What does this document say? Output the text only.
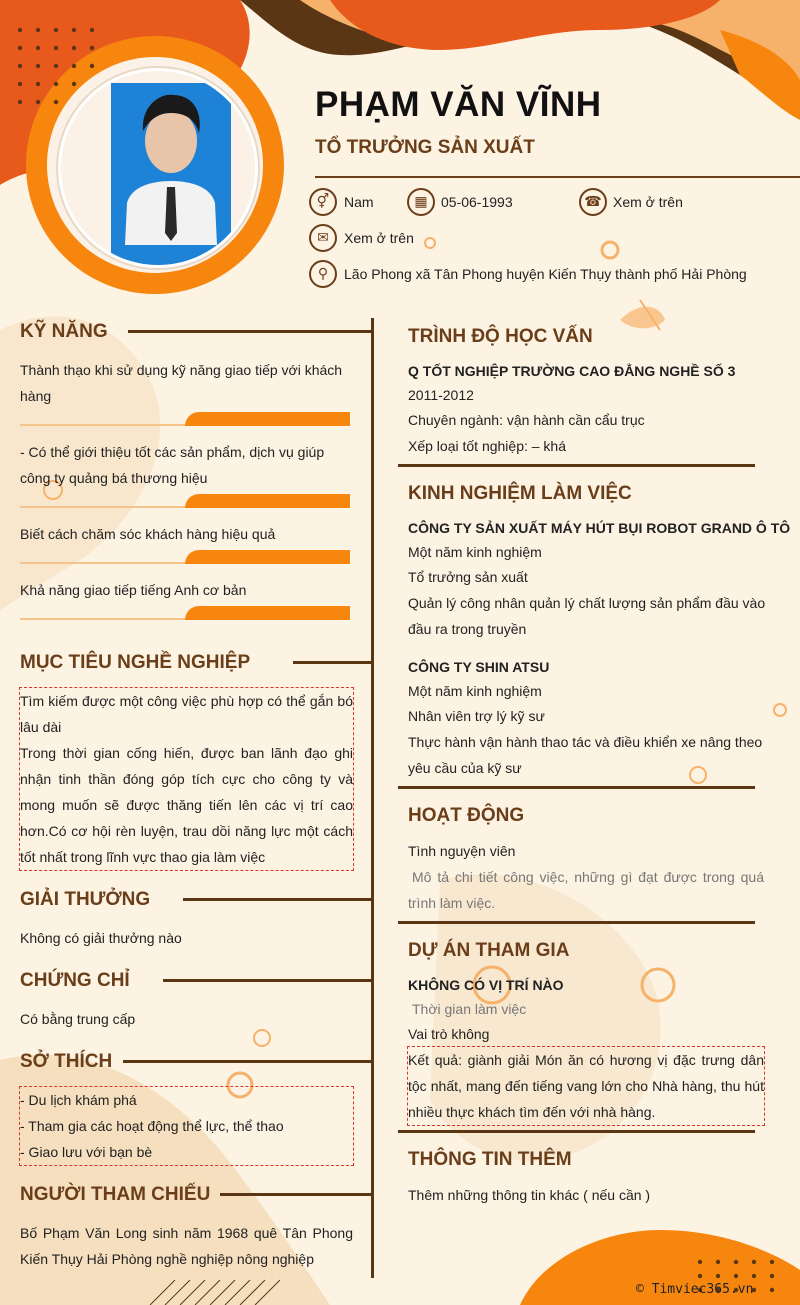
PHẠM VĂN VĨNH
TỔ TRƯỞNG SẢN XUẤT
⚥	Nam	▦ 05-06-1993	☎ Xem ở trên
✉	Xem ở trên
⚲	Lão Phong xã Tân Phong huyện Kiến Thụy thành phố Hải Phòng
KỸ NĂNG
Thành thạo khi sử dụng kỹ năng giao tiếp với khách hàng
- Có thể giới thiệu tốt các sản phẩm, dịch vụ giúp công ty quảng bá thương hiệu
Biết cách chăm sóc khách hàng hiệu quả
Khả năng giao tiếp tiếng Anh cơ bản
MỤC TIÊU NGHỀ NGHIỆP
Tìm kiếm được một công việc phù hợp có thể gắn bó lâu dài
Trong thời gian cống hiến, được ban lãnh đạo ghi nhận tinh thần đóng góp tích cực cho công ty và mong muốn sẽ được thăng tiến lên các vị trí cao hơn.Có cơ hội rèn luyện, trau dồi năng lực một cách tốt nhất trong lĩnh vực thao gia làm việc
GIẢI THƯỞNG
Không có giải thưởng nào
CHỨNG CHỈ
Có bằng trung cấp
SỞ THÍCH
- Du lịch khám phá
- Tham gia các hoạt động thể lực, thể thao
- Giao lưu với bạn bè
NGƯỜI THAM CHIẾU
Bố Phạm Văn Long sinh năm 1968 quê Tân Phong Kiến Thụy Hải Phòng nghề nghiệp nông nghiệp
TRÌNH ĐỘ HỌC VẤN
Q TỐT NGHIỆP TRƯỜNG CAO ĐẲNG NGHỀ SỐ 3
2011-2012
Chuyên ngành: vận hành cần cẩu trục
Xếp loại tốt nghiệp: – khá
KINH NGHIỆM LÀM VIỆC
CÔNG TY SẢN XUẤT MÁY HÚT BỤI ROBOT GRAND Ô TÔ
Một năm kinh nghiệm
Tổ trưởng sản xuất
Quản lý công nhân quản lý chất lượng sản phẩm đầu vào đầu ra trong truyền
CÔNG TY SHIN ATSU
Một năm kinh nghiệm
Nhân viên trợ lý kỹ sư
Thực hành vận hành thao tác và điều khiển xe nâng theo yêu cầu của kỹ sư
HOẠT ĐỘNG
Tình nguyện viên
Mô tả chi tiết công việc, những gì đạt được trong quá trình làm việc.
DỰ ÁN THAM GIA
KHÔNG CÓ VỊ TRÍ NÀO
Thời gian làm việc
Vai trò không
Kết quả: giành giải Món ăn có hương vị đặc trưng dân tộc nhất, mang đến tiếng vang lớn cho Nhà hàng, thu hút nhiều thực khách tìm đến với nhà hàng.
THÔNG TIN THÊM
Thêm những thông tin khác ( nếu cần )
© Timviec365.vn
